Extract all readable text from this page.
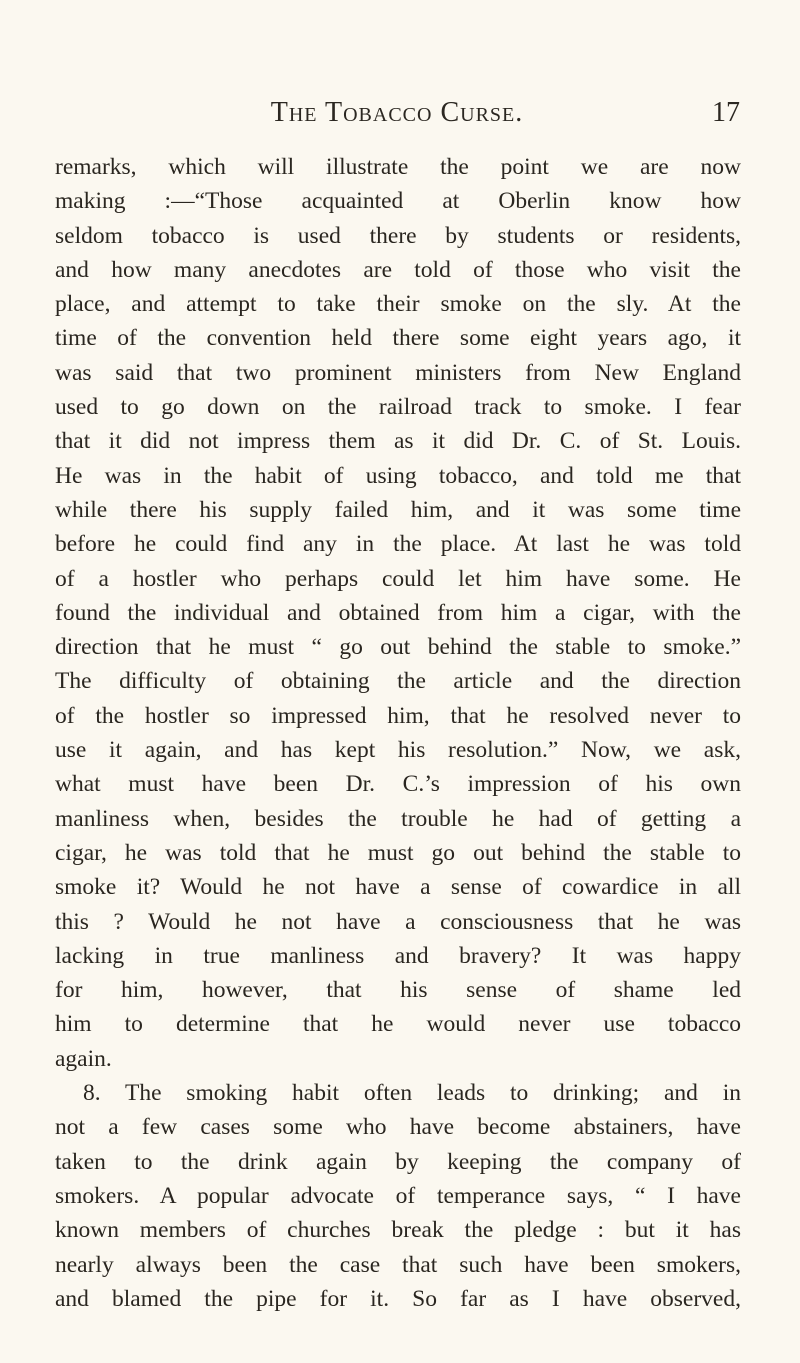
The Tobacco Curse.	17
remarks, which will illustrate the point we are now
making :—“Those acquainted at Oberlin know how
seldom tobacco is used there by students or residents,
and how many anecdotes are told of those who visit the
place, and attempt to take their smoke on the sly. At the
time of the convention held there some eight years ago, it
was said that two prominent ministers from New England
used to go down on the railroad track to smoke. I fear
that it did not impress them as it did Dr. C. of St. Louis.
He was in the habit of using tobacco, and told me that
while there his supply failed him, and it was some time
before he could find any in the place. At last he was told
of a hostler who perhaps could let him have some. He
found the individual and obtained from him a cigar, with the
direction that he must “ go out behind the stable to smoke.”
The difficulty of obtaining the article and the direction
of the hostler so impressed him, that he resolved never to
use it again, and has kept his resolution.” Now, we ask,
what must have been Dr. C.’s impression of his own
manliness when, besides the trouble he had of getting a
cigar, he was told that he must go out behind the stable to
smoke it? Would he not have a sense of cowardice in all
this ? Would he not have a consciousness that he was
lacking in true manliness and bravery? It was happy
for him, however, that his sense of shame led
him to determine that he would never use tobacco
again.
8. The smoking habit often leads to drinking; and in
not a few cases some who have become abstainers, have
taken to the drink again by keeping the company of
smokers. A popular advocate of temperance says, “ I have
known members of churches break the pledge : but it has
nearly always been the case that such have been smokers,
and blamed the pipe for it. So far as I have observed,
